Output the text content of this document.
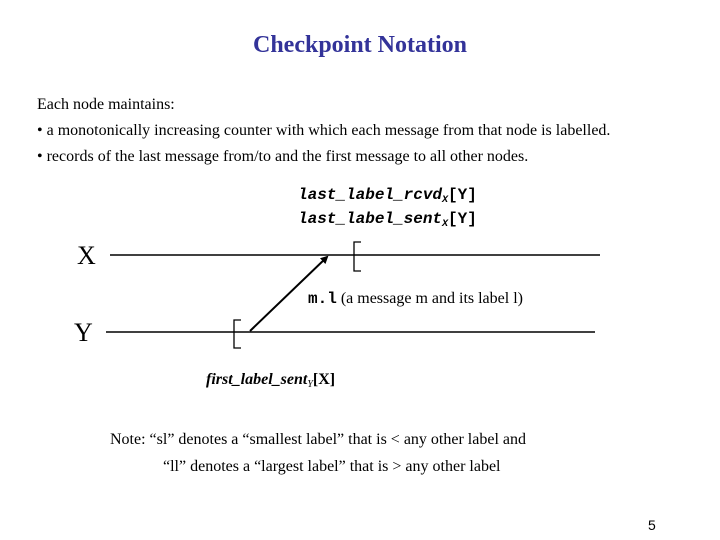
Checkpoint Notation
Each node maintains:
• a monotonically increasing counter with which each message from that node is labelled.
• records of the last message from/to and the first message to all other nodes.
last_label_rcvd$_X$[Y]
last_label_sent$_X$[Y]
X
Y
m.l (a message m and its label l)
first_label_sent$_Y$[X]
Note: “sl” denotes a “smallest label” that is < any other label and
“ll” denotes a “largest label” that is > any other label
5
